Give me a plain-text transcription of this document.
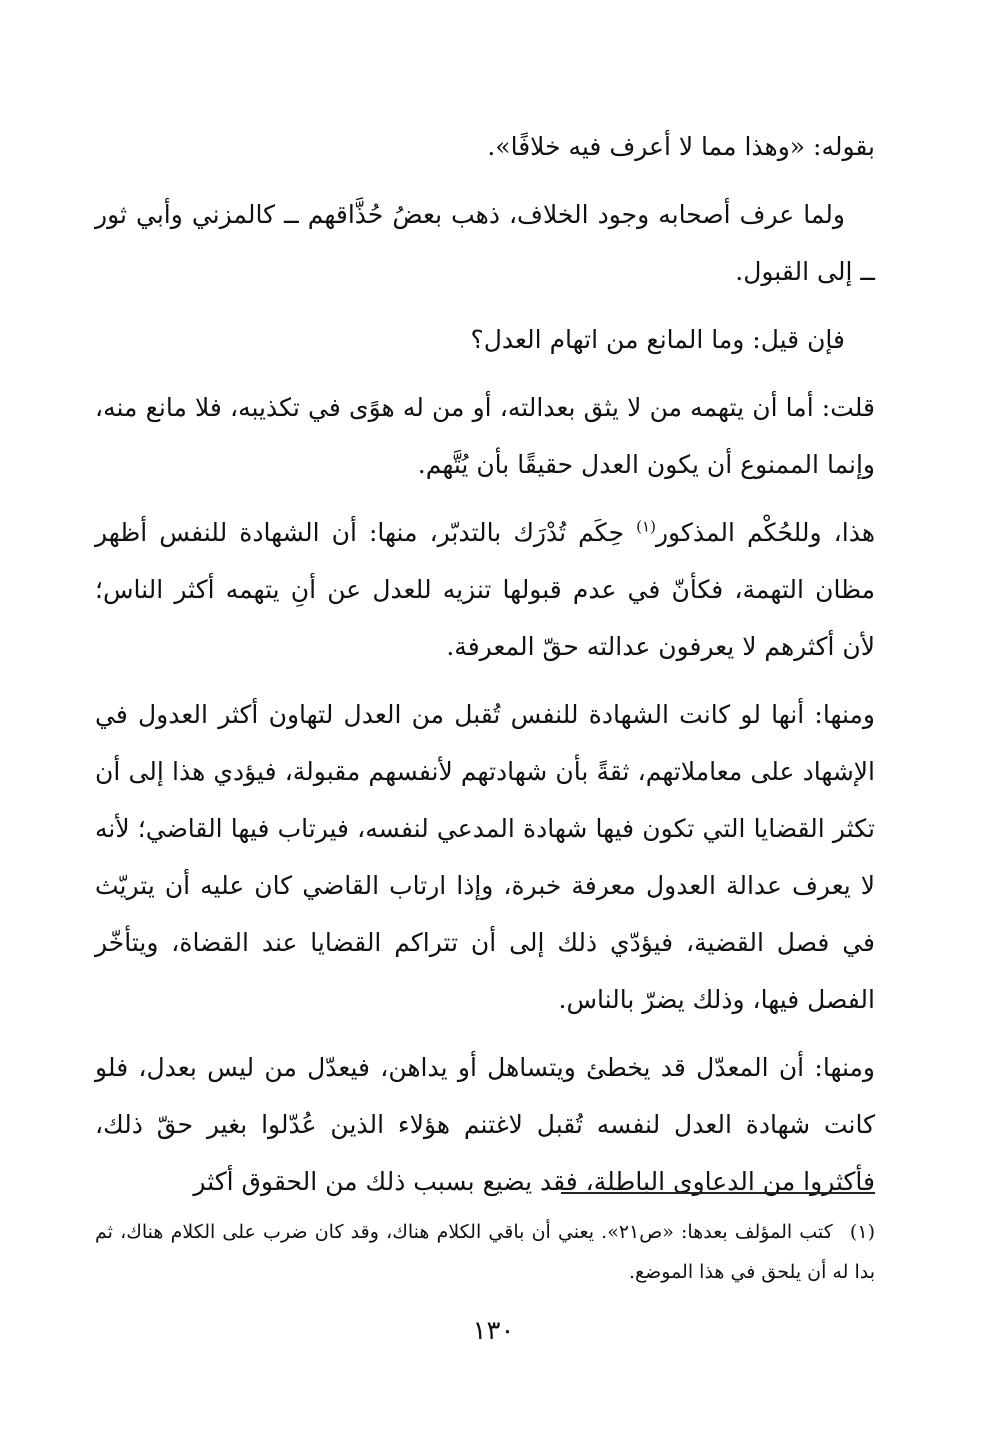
بقوله: «وهذا مما لا أعرف فيه خلافًا».

ولما عرف أصحابه وجود الخلاف، ذهب بعضُ حُذَّاقهم ــ كالمزني وأبي ثور ــ إلى القبول.

فإن قيل: وما المانع من اتهام العدل؟

قلت: أما أن يتهمه من لا يثق بعدالته، أو من له هوًى في تكذيبه، فلا مانع منه، وإنما الممنوع أن يكون العدل حقيقًا بأن يُتَّهم.

هذا، وللحُكْم المذكور$^{(١)}$ حِكَم تُدْرَك بالتدبّر، منها: أن الشهادة للنفس أظهر مظان التهمة، فكأنّ في عدم قبولها تنزيه للعدل عن أنِ يتهمه أكثر الناس؛ لأن أكثرهم لا يعرفون عدالته حقّ المعرفة.

ومنها: أنها لو كانت الشهادة للنفس تُقبل من العدل لتهاون أكثر العدول في الإشهاد على معاملاتهم، ثقةً بأن شهادتهم لأنفسهم مقبولة، فيؤدي هذا إلى أن تكثر القضايا التي تكون فيها شهادة المدعي لنفسه، فيرتاب فيها القاضي؛ لأنه لا يعرف عدالة العدول معرفة خبرة، وإذا ارتاب القاضي كان عليه أن يتريّث في فصل القضية، فيؤدّي ذلك إلى أن تتراكم القضايا عند القضاة، ويتأخّر الفصل فيها، وذلك يضرّ بالناس.

ومنها: أن المعدّل قد يخطئ ويتساهل أو يداهن، فيعدّل من ليس بعدل، فلو كانت شهادة العدل لنفسه تُقبل لاغتنم هؤلاء الذين عُدّلوا بغير حقّ ذلك، فأكثروا من الدعاوى الباطلة، فقد يضيع بسبب ذلك من الحقوق أكثر

(١) كتب المؤلف بعدها: «ص٢١». يعني أن باقي الكلام هناك، وقد كان ضرب على الكلام هناك، ثم بدا له أن يلحق في هذا الموضع.
١٣٠
